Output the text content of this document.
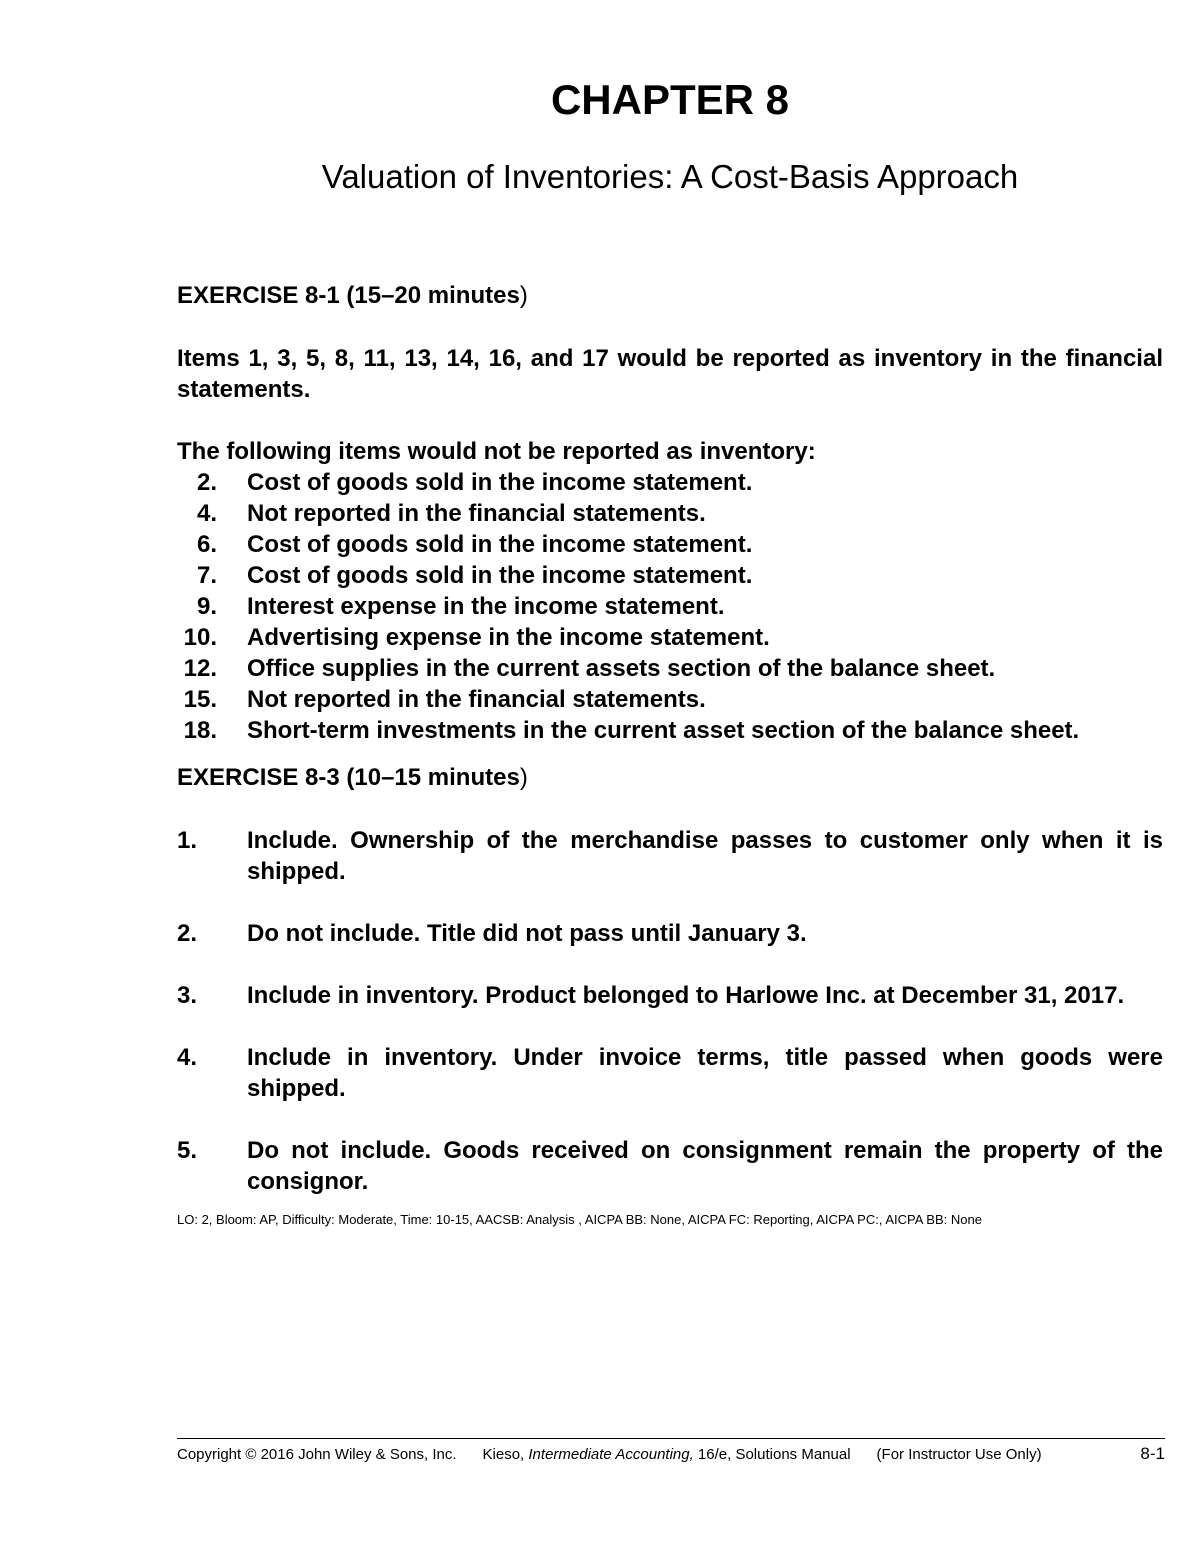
CHAPTER 8
Valuation of Inventories: A Cost-Basis Approach

EXERCISE 8-1 (15–20 minutes)

Items 1, 3, 5, 8, 11, 13, 14, 16, and 17 would be reported as inventory in the financial statements.

The following items would not be reported as inventory:

2.	Cost of goods sold in the income statement.
4.	Not reported in the financial statements.
6.	Cost of goods sold in the income statement.
7.	Cost of goods sold in the income statement.
9.	Interest expense in the income statement.
10.	Advertising expense in the income statement.
12.	Office supplies in the current assets section of the balance sheet.
15.	Not reported in the financial statements.
18.	Short-term investments in the current asset section of the balance sheet.

EXERCISE 8-3 (10–15 minutes)

1.	Include. Ownership of the merchandise passes to customer only when it is shipped.
2.	Do not include. Title did not pass until January 3.
3.	Include in inventory. Product belonged to Harlowe Inc. at December 31, 2017.
4.	Include in inventory. Under invoice terms, title passed when goods were shipped.
5.	Do not include. Goods received on consignment remain the property of the consignor.
LO: 2, Bloom: AP, Difficulty: Moderate, Time: 10-15, AACSB: Analysis , AICPA BB: None, AICPA FC: Reporting, AICPA PC:, AICPA BB: None
Copyright © 2016 John Wiley & Sons, Inc. Kieso, Intermediate Accounting, 16/e, Solutions Manual (For Instructor Use Only)	8-1
